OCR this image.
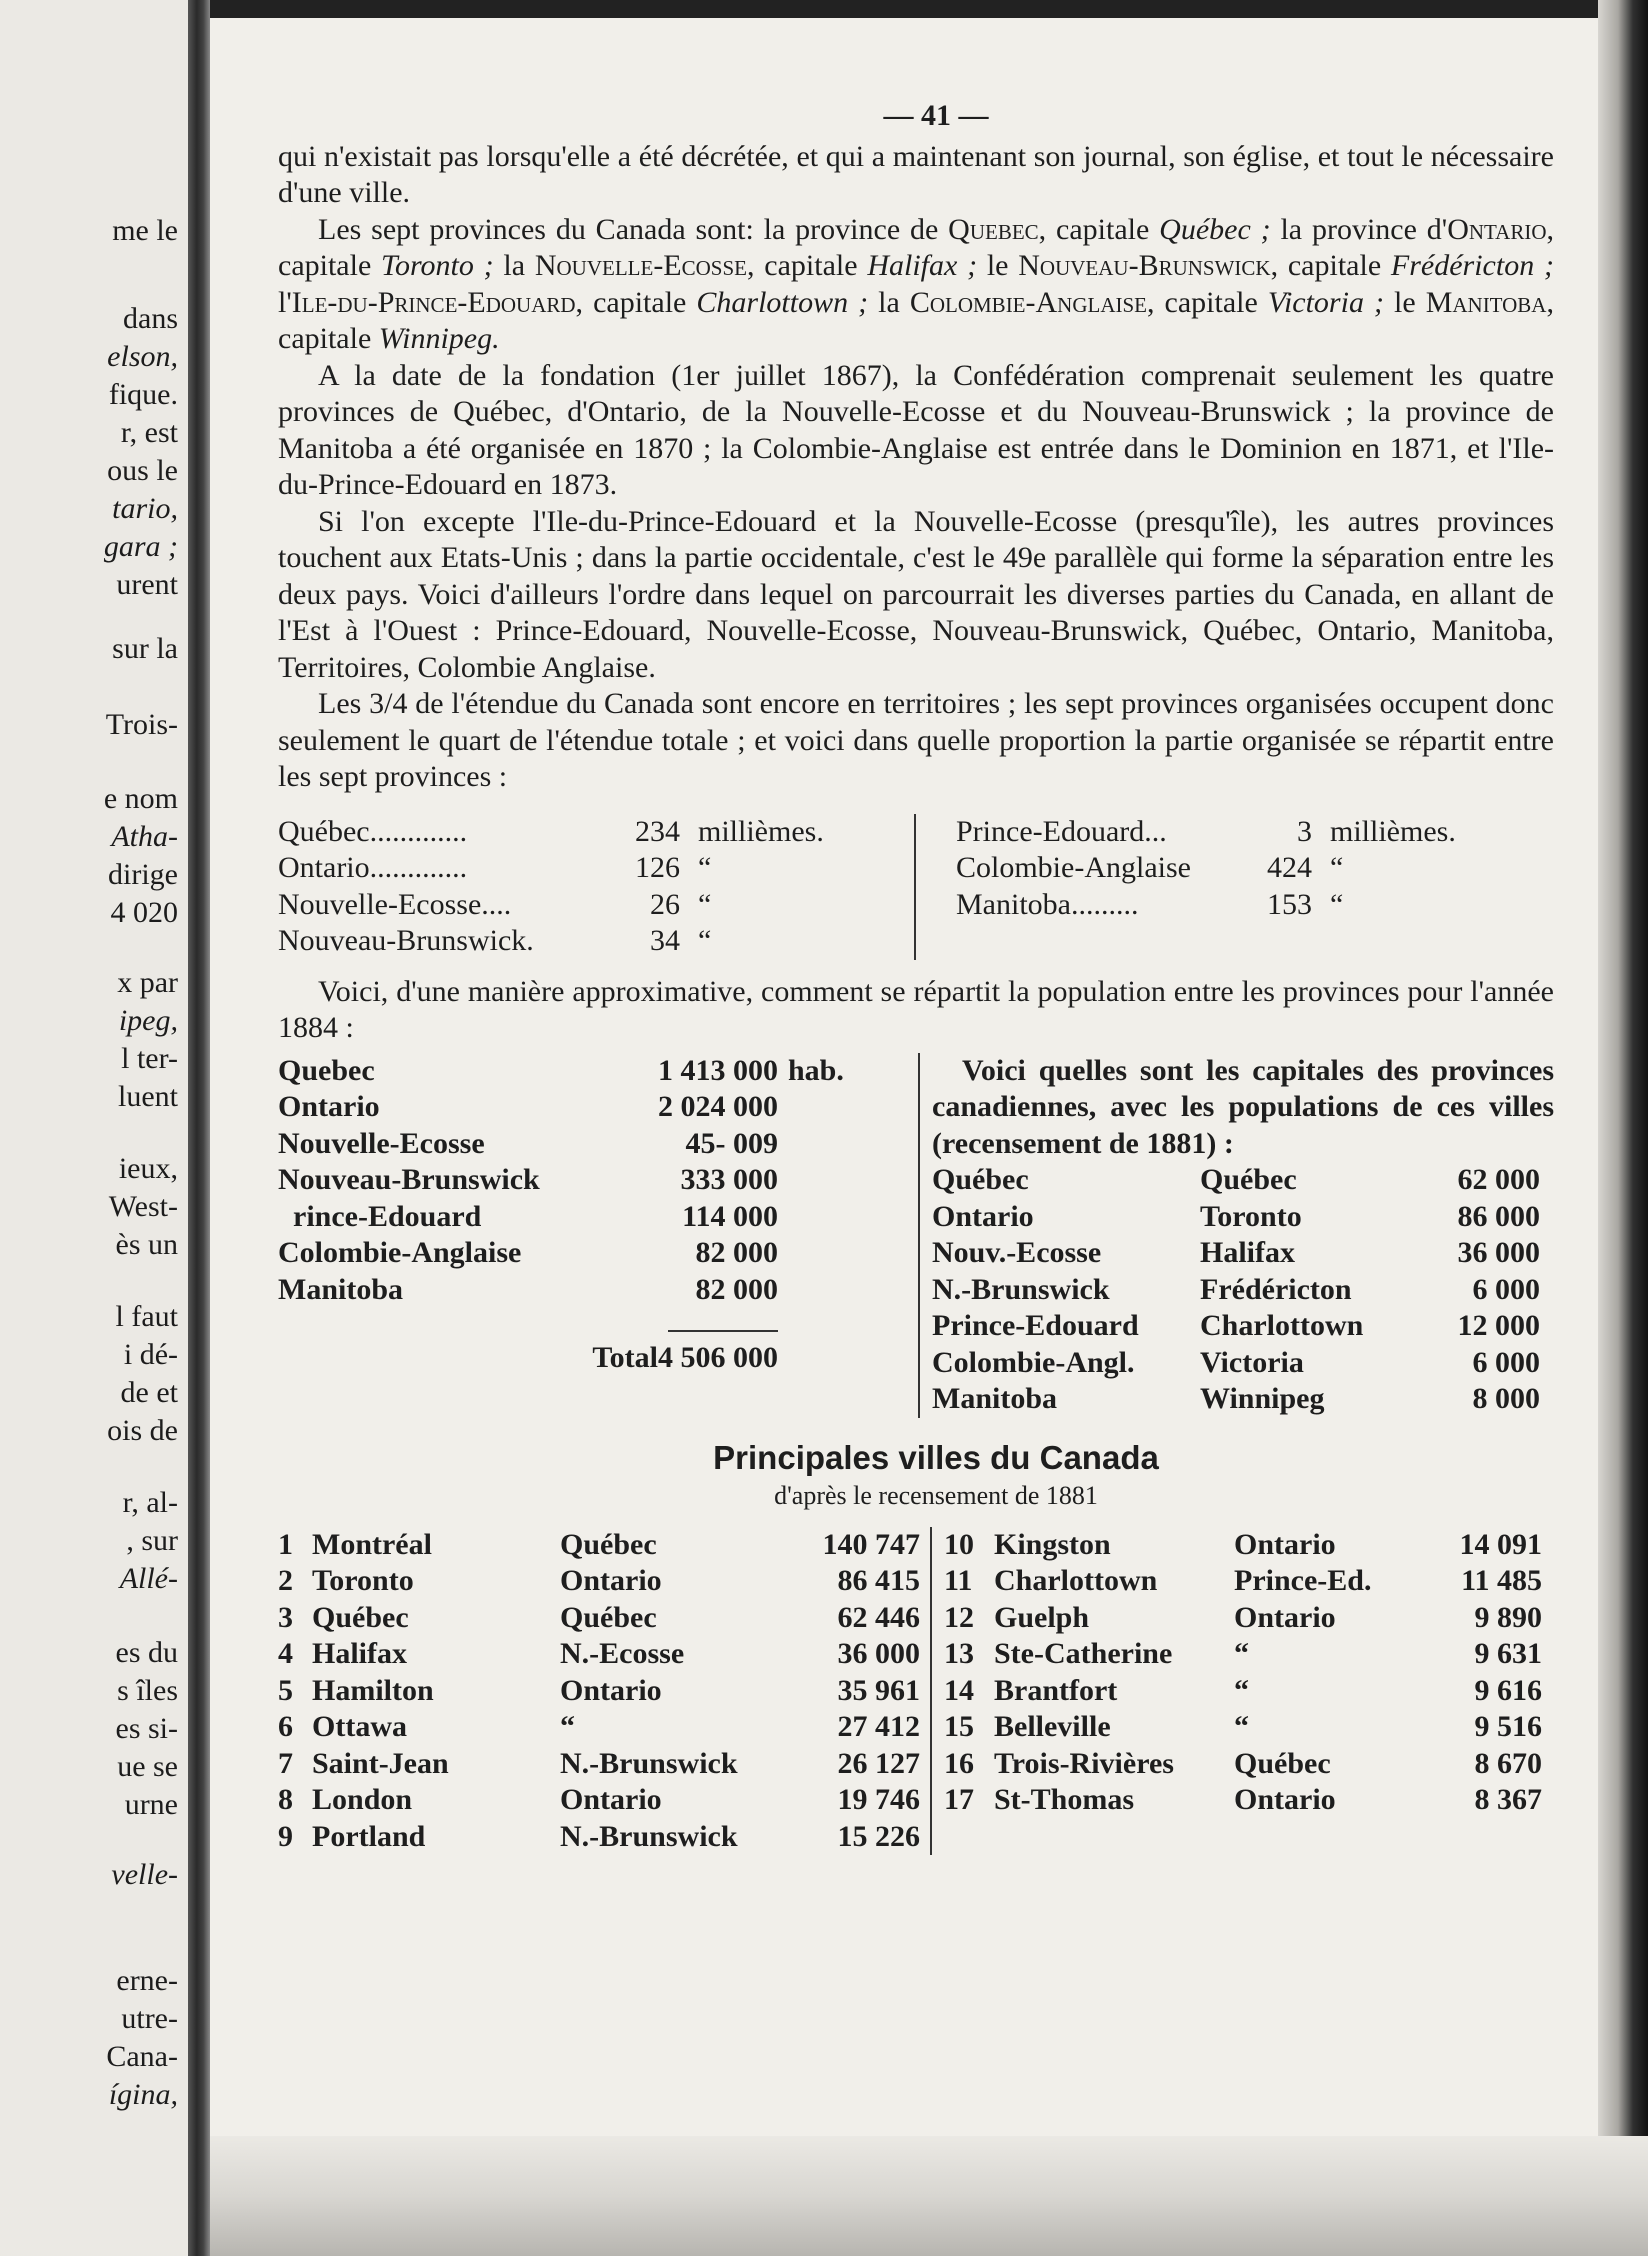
me le
dans
elson,
fique.
r, est
ous le
tario,
gara ;
urent
sur la
Trois-
e nom
Atha-
dirige
4 020
x par
ipeg,
l ter-
luent
ieux,
West-
ès un
l faut
i dé-
de et
ois de
r, al-
, sur
Allé-
es du
s îles
es si-
ue se
urne
velle-
erne-
utre-
Cana-
ígina,
— 41 —

qui n'existait pas lorsqu'elle a été décrétée, et qui a maintenant son journal, son église, et tout le nécessaire d'une ville.

Les sept provinces du Canada sont: la province de Quebec, capitale Québec ; la province d'Ontario, capitale Toronto ; la Nouvelle-Ecosse, capitale Halifax ; le Nouveau-Brunswick, capitale Frédéricton ; l'Ile-du-Prince-Edouard, capitale Charlottown ; la Colombie-Anglaise, capitale Victoria ; le Manitoba, capitale Winnipeg.

A la date de la fondation (1er juillet 1867), la Confédération comprenait seulement les quatre provinces de Québec, d'Ontario, de la Nouvelle-Ecosse et du Nouveau-Brunswick ; la province de Manitoba a été organisée en 1870 ; la Colombie-Anglaise est entrée dans le Dominion en 1871, et l'Ile-du-Prince-Edouard en 1873.

Si l'on excepte l'Ile-du-Prince-Edouard et la Nouvelle-Ecosse (presqu'île), les autres provinces touchent aux Etats-Unis ; dans la partie occidentale, c'est le 49e parallèle qui forme la séparation entre les deux pays. Voici d'ailleurs l'ordre dans lequel on parcourrait les diverses parties du Canada, en allant de l'Est à l'Ouest : Prince-Edouard, Nouvelle-Ecosse, Nouveau-Brunswick, Québec, Ontario, Manitoba, Territoires, Colombie Anglaise.

Les 3/4 de l'étendue du Canada sont encore en territoires ; les sept provinces organisées occupent donc seulement le quart de l'étendue totale ; et voici dans quelle proportion la partie organisée se répartit entre les sept provinces :

Québec.............	234 millièmes.
Ontario.............	126 “
Nouvelle-Ecosse....	26 “
Nouveau-Brunswick.	34 “
Prince-Edouard...	3 millièmes.
Colombie-Anglaise	424 “
Manitoba.........	153 “

Voici, d'une manière approximative, comment se répartit la population entre les provinces pour l'année 1884 :

Quebec	1 413 000 hab.
Ontario	2 024 000
Nouvelle-Ecosse	45- 009
Nouveau-Brunswick	333 000
rince-Edouard	114 000
Colombie-Anglaise	82 000
Manitoba	82 000
Total 4 506 000

Voici quelles sont les capitales des provinces canadiennes, avec les populations de ces villes (recensement de 1881) :

Québec	Québec	62 000
Ontario	Toronto	86 000
Nouv.-Ecosse	Halifax	36 000
N.-Brunswick	Frédéricton	6 000
Prince-Edouard	Charlottown	12 000
Colombie-Angl.	Victoria	6 000
Manitoba	Winnipeg	8 000
Principales villes du Canada
d'après le recensement de 1881
1 Montréal	Québec	140 747
2 Toronto	Ontario	86 415
3 Québec	Québec	62 446
4 Halifax	N.-Ecosse	36 000
5 Hamilton	Ontario	35 961
6 Ottawa	“	27 412
7 Saint-Jean	N.-Brunswick	26 127
8 London	Ontario	19 746
9 Portland	N.-Brunswick	15 226
10 Kingston	Ontario	14 091
11 Charlottown	Prince-Ed.	11 485
12 Guelph	Ontario	9 890
13 Ste-Catherine	“	9 631
14 Brantfort	“	9 616
15 Belleville	“	9 516
16 Trois-Rivières	Québec	8 670
17 St-Thomas	Ontario	8 367
